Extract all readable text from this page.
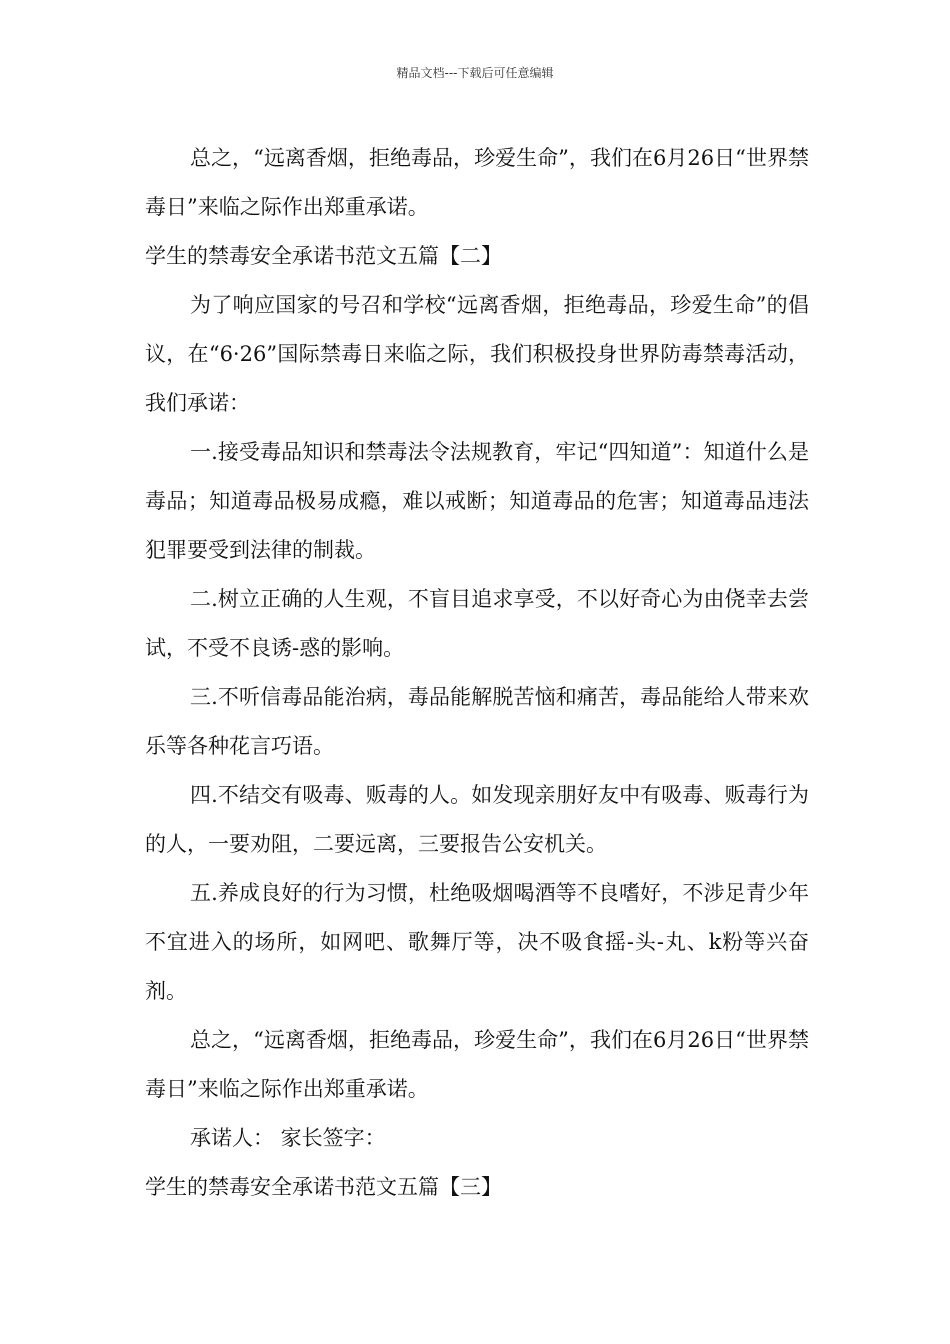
精品文档---下载后可任意编辑

总之，“远离香烟，拒绝毒品，珍爱生命”，我们在6月26日“世界禁毒日”来临之际作出郑重承诺。

学生的禁毒安全承诺书范文五篇【二】

为了响应国家的号召和学校“远离香烟，拒绝毒品，珍爱生命”的倡议，在“6·26”国际禁毒日来临之际，我们积极投身世界防毒禁毒活动，我们承诺：

一.接受毒品知识和禁毒法令法规教育，牢记“四知道”：知道什么是毒品；知道毒品极易成瘾，难以戒断；知道毒品的危害；知道毒品违法犯罪要受到法律的制裁。

二.树立正确的人生观，不盲目追求享受，不以好奇心为由侥幸去尝试，不受不良诱-惑的影响。

三.不听信毒品能治病，毒品能解脱苦恼和痛苦，毒品能给人带来欢乐等各种花言巧语。

四.不结交有吸毒、贩毒的人。如发现亲朋好友中有吸毒、贩毒行为的人，一要劝阻，二要远离，三要报告公安机关。

五.养成良好的行为习惯，杜绝吸烟喝酒等不良嗜好，不涉足青少年不宜进入的场所，如网吧、歌舞厅等，决不吸食摇-头-丸、k粉等兴奋剂。

总之，“远离香烟，拒绝毒品，珍爱生命”，我们在6月26日“世界禁毒日”来临之际作出郑重承诺。

承诺人： 家长签字：

学生的禁毒安全承诺书范文五篇【三】
